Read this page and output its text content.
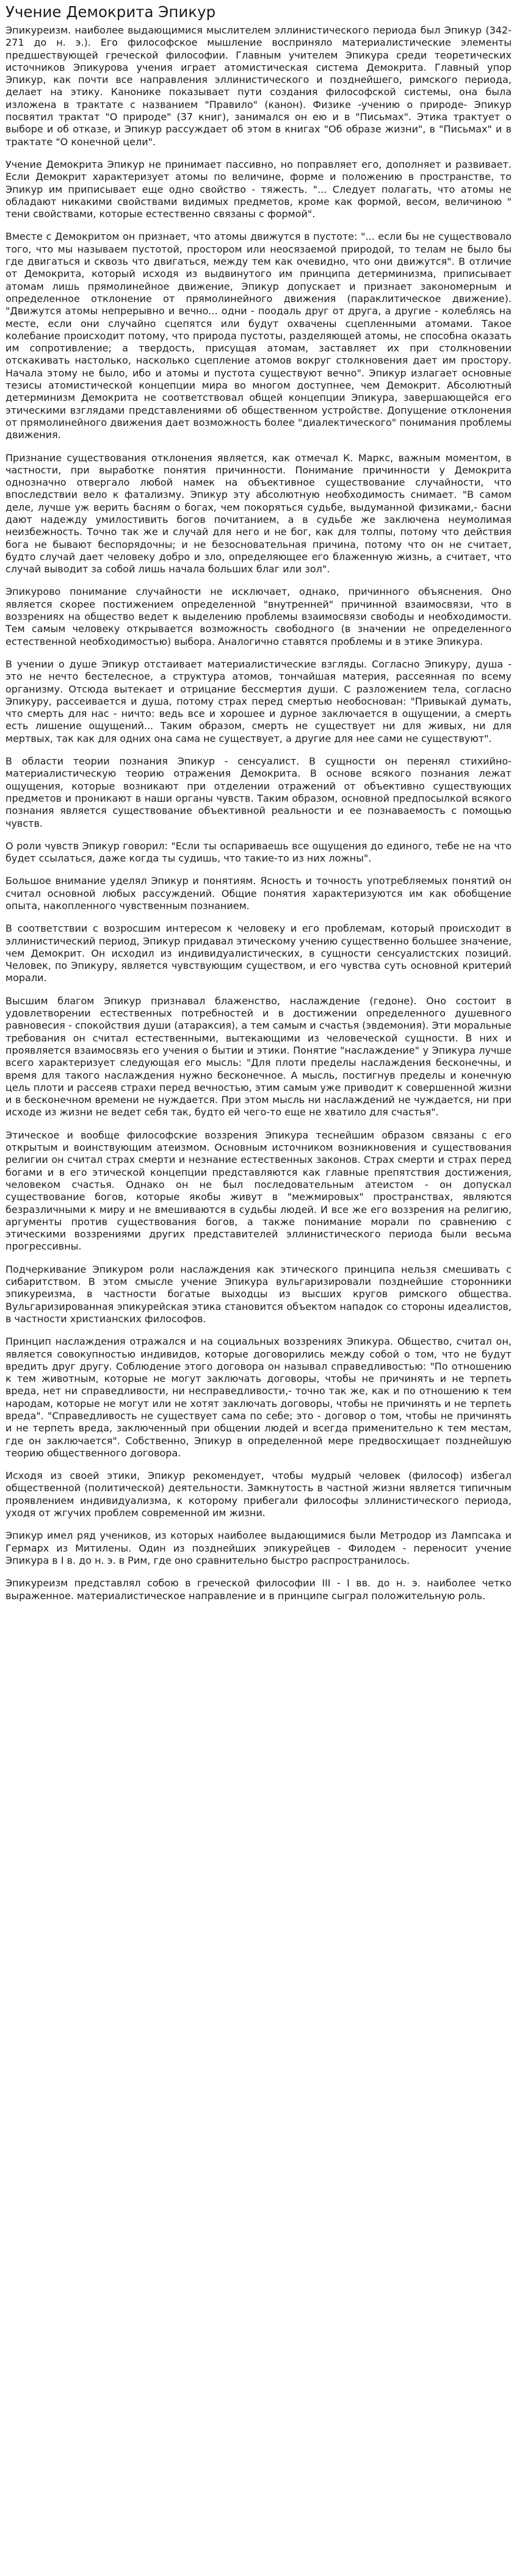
Учение Демокрита Эпикур

Эпикуреизм. наиболее выдающимися мыслителем эллинистического периода был Эпикур (342- 271 до н. э.). Его философское мышление восприняло материалистические элементы предшествующей греческой философии. Главным учителем Эпикура среди теоретических источников Эпикурова учения играет атомистическая система Демокрита. Главный упор Эпикур, как почти все направления эллинистического и позднейшего, римского периода, делает на этику. Канонике показывает пути создания философской системы, она была изложена в трактате с названием "Правило" (канон). Физике -учению о природе- Эпикур посвятил трактат "О природе" (37 книг), занимался он ею и в "Письмах". Этика трактует о выборе и об отказе, и Эпикур рассуждает об этом в книгах "Об образе жизни", в "Письмах" и в трактате "О конечной цели".

Учение Демокрита Эпикур не принимает пассивно, но поправляет его, дополняет и развивает. Если Демокрит характеризует атомы по величине, форме и положению в пространстве, то Эпикур им приписывает еще одно свойство - тяжесть. "... Следует полагать, что атомы не обладают никакими свойствами видимых предметов, кроме как формой, весом, величиною " тени свойствами, которые естественно связаны с формой".

Вместе с Демокритом он признает, что атомы движутся в пустоте: "... если бы не существовало того, что мы называем пустотой, простором или неосязаемой природой, то телам не было бы где двигаться и сквозь что двигаться, между тем как очевидно, что они движутся". В отличие от Демокрита, который исходя из выдвинутого им принципа детерминизма, приписывает атомам лишь прямолинейное движение, Эпикур допускает и признает закономерным и определенное отклонение от прямолинейного движения (параклитическое движение). "Движутся атомы непрерывно и вечно... одни - поодаль друг от друга, а другие - колеблясь на месте, если они случайно сцепятся или будут охвачены сцепленными атомами. Такое колебание происходит потому, что природа пустоты, разделяющей атомы, не способна оказать им сопротивление; а твердость, присущая атомам, заставляет их при столкновении отскакивать настолько, насколько сцепление атомов вокруг столкновения дает им простору. Начала этому не было, ибо и атомы и пустота существуют вечно". Эпикур излагает основные тезисы атомистической концепции мира во многом доступнее, чем Демокрит. Абсолютный детерминизм Демокрита не соответствовал общей концепции Эпикура, завершающейся его этическими взглядами представлениями об общественном устройстве. Допущение отклонения от прямолинейного движения дает возможность более "диалектического" понимания проблемы движения.

Признание существования отклонения является, как отмечал К. Маркс, важным моментом, в частности, при выработке понятия причинности. Понимание причинности у Демокрита однозначно отвергало любой намек на объективное существование случайности, что впоследствии вело к фатализму. Эпикур эту абсолютную необходимость снимает. "В самом деле, лучше уж верить басням о богах, чем покоряться судьбе, выдуманной физиками,- басни дают надежду умилостивить богов почитанием, а в судьбе же заключена неумолимая неизбежность. Точно так же и случай для него и не бог, как для толпы, потому что действия бога не бывают беспорядочны; и не безосновательная причина, потому что он не считает, будто случай дает человеку добро и зло, определяющее его блаженную жизнь, а считает, что случай выводит за собой лишь начала больших благ или зол".

Эпикурово понимание случайности не исключает, однако, причинного объяснения. Оно является скорее постижением определенной "внутренней" причинной взаимосвязи, что в воззрениях на общество ведет к выделению проблемы взаимосвязи свободы и необходимости. Тем самым человеку открывается возможность свободного (в значении не определенного естественной необходимостью) выбора. Аналогично ставятся проблемы и в этике Эпикура.

В учении о душе Эпикур отстаивает материалистические взгляды. Согласно Эпикуру, душа - это не нечто бестелесное, а структура атомов, тончайшая материя, рассеянная по всему организму. Отсюда вытекает и отрицание бессмертия души. С разложением тела, согласно Эпикуру, рассеивается и душа, потому страх перед смертью необоснован: "Привыкай думать, что смерть для нас - ничто: ведь все и хорошее и дурное заключается в ощущении, а смерть есть лишение ощущений... Таким образом, смерть не существует ни для живых, ни для мертвых, так как для одних она сама не существует, а другие для нее сами не существуют".

В области теории познания Эпикур - сенсуалист. В сущности он перенял стихийно-материалистическую теорию отражения Демокрита. В основе всякого познания лежат ощущения, которые возникают при отделении отражений от объективно существующих предметов и проникают в наши органы чувств. Таким образом, основной предпосылкой всякого познания является существование объективной реальности и ее познаваемость с помощью чувств.

О роли чувств Эпикур говорил: "Если ты оспариваешь все ощущения до единого, тебе не на что будет ссылаться, даже когда ты судишь, что такие-то из них ложны".

Большое внимание уделял Эпикур и понятиям. Ясность и точность употребляемых понятий он считал основной любых рассуждений. Общие понятия характеризуются им как обобщение опыта, накопленного чувственным познанием.

В соответствии с возросшим интересом к человеку и его проблемам, который происходит в эллинистический период, Эпикур придавал этическому учению существенно большее значение, чем Демокрит. Он исходил из индивидуалистических, в сущности сенсуалистских позиций. Человек, по Эпикуру, является чувствующим существом, и его чувства суть основной критерий морали.

Высшим благом Эпикур признавал блаженство, наслаждение (гедоне). Оно состоит в удовлетворении естественных потребностей и в достижении определенного душевного равновесия - спокойствия души (атараксия), а тем самым и счастья (эвдемония). Эти моральные требования он считал естественными, вытекающими из человеческой сущности. В них и проявляется взаимосвязь его учения о бытии и этики. Понятие "наслаждение" у Эпикура лучше всего характеризует следующая его мысль: "Для плоти пределы наслаждения бесконечны, и время для такого наслаждения нужно бесконечное. А мысль, постигнув пределы и конечную цель плоти и рассеяв страхи перед вечностью, этим самым уже приводит к совершенной жизни и в бесконечном времени не нуждается. При этом мысль ни наслаждений не чуждается, ни при исходе из жизни не ведет себя так, будто ей чего-то еще не хватило для счастья".

Этическое и вообще философские воззрения Эпикура теснейшим образом связаны с его открытым и воинствующим атеизмом. Основным источником возникновения и существования религии он считал страх смерти и незнание естественных законов. Страх смерти и страх перед богами и в его этической концепции представляются как главные препятствия достижения, человеком счастья. Однако он не был последовательным атеистом - он допускал существование богов, которые якобы живут в "межмировых" пространствах, являются безразличными к миру и не вмешиваются в судьбы людей. И все же его воззрения на религию, аргументы против существования богов, а также понимание морали по сравнению с этическими воззрениями других представителей эллинистического периода были весьма прогрессивны.

Подчеркивание Эпикуром роли наслаждения как этического принципа нельзя смешивать с сибаритством. В этом смысле учение Эпикура вульгаризировали позднейшие сторонники эпикуреизма, в частности богатые выходцы из высших кругов римского общества. Вульгаризированная эпикурейская этика становится объектом нападок со стороны идеалистов, в частности христианских философов.

Принцип наслаждения отражался и на социальных воззрениях Эпикура. Общество, считал он, является совокупностью индивидов, которые договорились между собой о том, что не будут вредить друг другу. Соблюдение этого договора он называл справедливостью: "По отношению к тем животным, которые не могут заключать договоры, чтобы не причинять и не терпеть вреда, нет ни справедливости, ни несправедливости,- точно так же, как и по отношению к тем народам, которые не могут или не хотят заключать договоры, чтобы не причинять и не терпеть вреда". "Справедливость не существует сама по себе; это - договор о том, чтобы не причинять и не терпеть вреда, заключенный при общении людей и всегда применительно к тем местам, где он заключается". Собственно, Эпикур в определенной мере предвосхищает позднейшую теорию общественного договора.

Исходя из своей этики, Эпикур рекомендует, чтобы мудрый человек (философ) избегал общественной (политической) деятельности. Замкнутость в частной жизни является типичным проявлением индивидуализма, к которому прибегали философы эллинистического периода, уходя от жгучих проблем современной им жизни.

Эпикур имел ряд учеников, из которых наиболее выдающимися были Метродор из Лампсака и Гермарх из Митилены. Один из позднейших эпикурейцев - Филодем - переносит учение Эпикура в I в. до н. э. в Рим, где оно сравнительно быстро распространилось.

Эпикуреизм представлял собою в греческой философии III - I вв. до н. э. наиболее четко выраженное. материалистическое направление и в принципе сыграл положительную роль.
